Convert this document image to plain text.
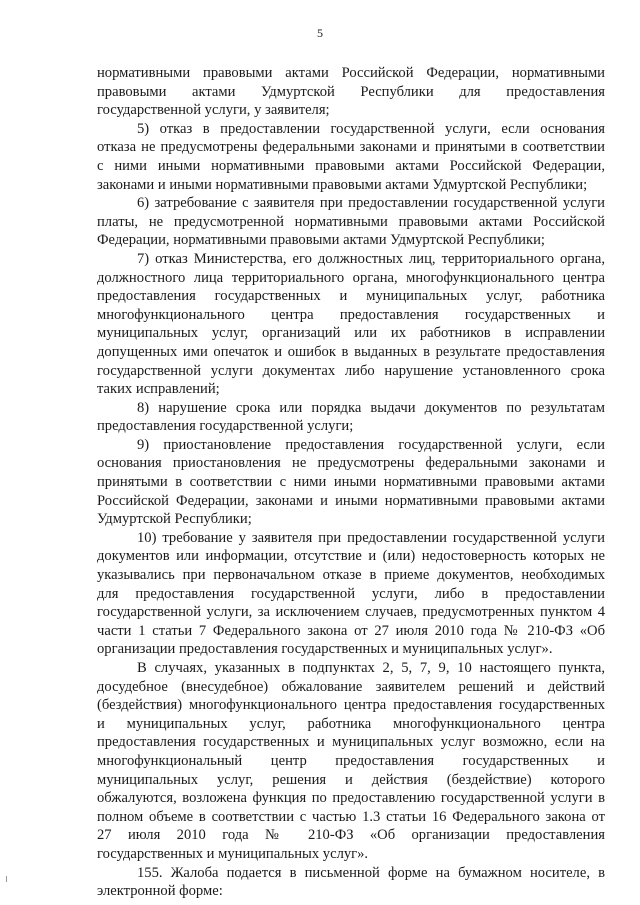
5
нормативными правовыми актами Российской Федерации, нормативными
правовыми актами Удмуртской Республики для предоставления
государственной услуги, у заявителя;
5) отказ в предоставлении государственной услуги, если основания
отказа не предусмотрены федеральными законами и принятыми в соответствии
с ними иными нормативными правовыми актами Российской Федерации,
законами и иными нормативными правовыми актами Удмуртской Республики;
6) затребование с заявителя при предоставлении государственной услуги
платы, не предусмотренной нормативными правовыми актами Российской
Федерации, нормативными правовыми актами Удмуртской Республики;
7) отказ Министерства, его должностных лиц, территориального органа,
должностного лица территориального органа, многофункционального центра
предоставления государственных и муниципальных услуг, работника
многофункционального центра предоставления государственных и
муниципальных услуг, организаций или их работников в исправлении
допущенных ими опечаток и ошибок в выданных в результате предоставления
государственной услуги документах либо нарушение установленного срока
таких исправлений;
8) нарушение срока или порядка выдачи документов по результатам
предоставления государственной услуги;
9) приостановление предоставления государственной услуги, если
основания приостановления не предусмотрены федеральными законами и
принятыми в соответствии с ними иными нормативными правовыми актами
Российской Федерации, законами и иными нормативными правовыми актами
Удмуртской Республики;
10) требование у заявителя при предоставлении государственной услуги
документов или информации, отсутствие и (или) недостоверность которых не
указывались при первоначальном отказе в приеме документов, необходимых
для предоставления государственной услуги, либо в предоставлении
государственной услуги, за исключением случаев, предусмотренных пунктом 4
части 1 статьи 7 Федерального закона от 27 июля 2010 года № 210-ФЗ «Об
организации предоставления государственных и муниципальных услуг».
В случаях, указанных в подпунктах 2, 5, 7, 9, 10 настоящего пункта,
досудебное (внесудебное) обжалование заявителем решений и действий
(бездействия) многофункционального центра предоставления государственных
и муниципальных услуг, работника многофункционального центра
предоставления государственных и муниципальных услуг возможно, если на
многофункциональный центр предоставления государственных и
муниципальных услуг, решения и действия (бездействие) которого
обжалуются, возложена функция по предоставлению государственной услуги в
полном объеме в соответствии с частью 1.3 статьи 16 Федерального закона от
27 июля 2010 года № 210-ФЗ «Об организации предоставления
государственных и муниципальных услуг».
155. Жалоба подается в письменной форме на бумажном носителе, в
электронной форме:
